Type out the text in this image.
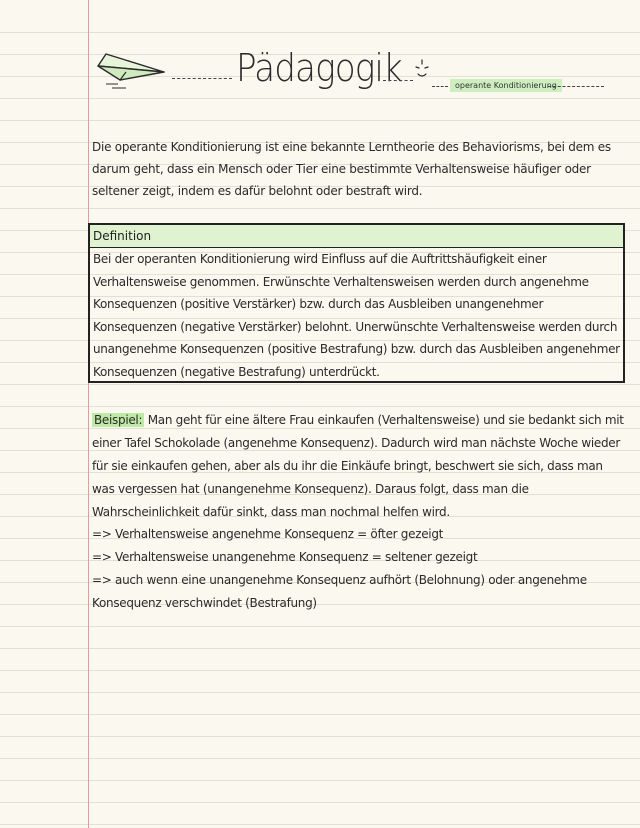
Pädagogik	operante Konditionierung

Die operante Konditionierung ist eine bekannte Lerntheorie des Behaviorisms, bei dem es darum geht, dass ein Mensch oder Tier eine bestimmte Verhaltensweise häufiger oder seltener zeigt, indem es dafür belohnt oder bestraft wird.

Definition

Bei der operanten Konditionierung wird Einfluss auf die Auftrittshäufigkeit einer Verhaltensweise genommen. Erwünschte Verhaltensweisen werden durch angenehme Konsequenzen (positive Verstärker) bzw. durch das Ausbleiben unangenehmer Konsequenzen (negative Verstärker) belohnt. Unerwünschte Verhaltensweise werden durch unangenehme Konsequenzen (positive Bestrafung) bzw. durch das Ausbleiben angenehmer Konsequenzen (negative Bestrafung) unterdrückt.

Beispiel: Man geht für eine ältere Frau einkaufen (Verhaltensweise) und sie bedankt sich mit einer Tafel Schokolade (angenehme Konsequenz). Dadurch wird man nächste Woche wieder für sie einkaufen gehen, aber als du ihr die Einkäufe bringt, beschwert sie sich, dass man was vergessen hat (unangenehme Konsequenz). Daraus folgt, dass man die Wahrscheinlichkeit dafür sinkt, dass man nochmal helfen wird.

=> Verhaltensweise angenehme Konsequenz = öfter gezeigt
=> Verhaltensweise unangenehme Konsequenz = seltener gezeigt
=> auch wenn eine unangenehme Konsequenz aufhört (Belohnung) oder angenehme Konsequenz verschwindet (Bestrafung)
